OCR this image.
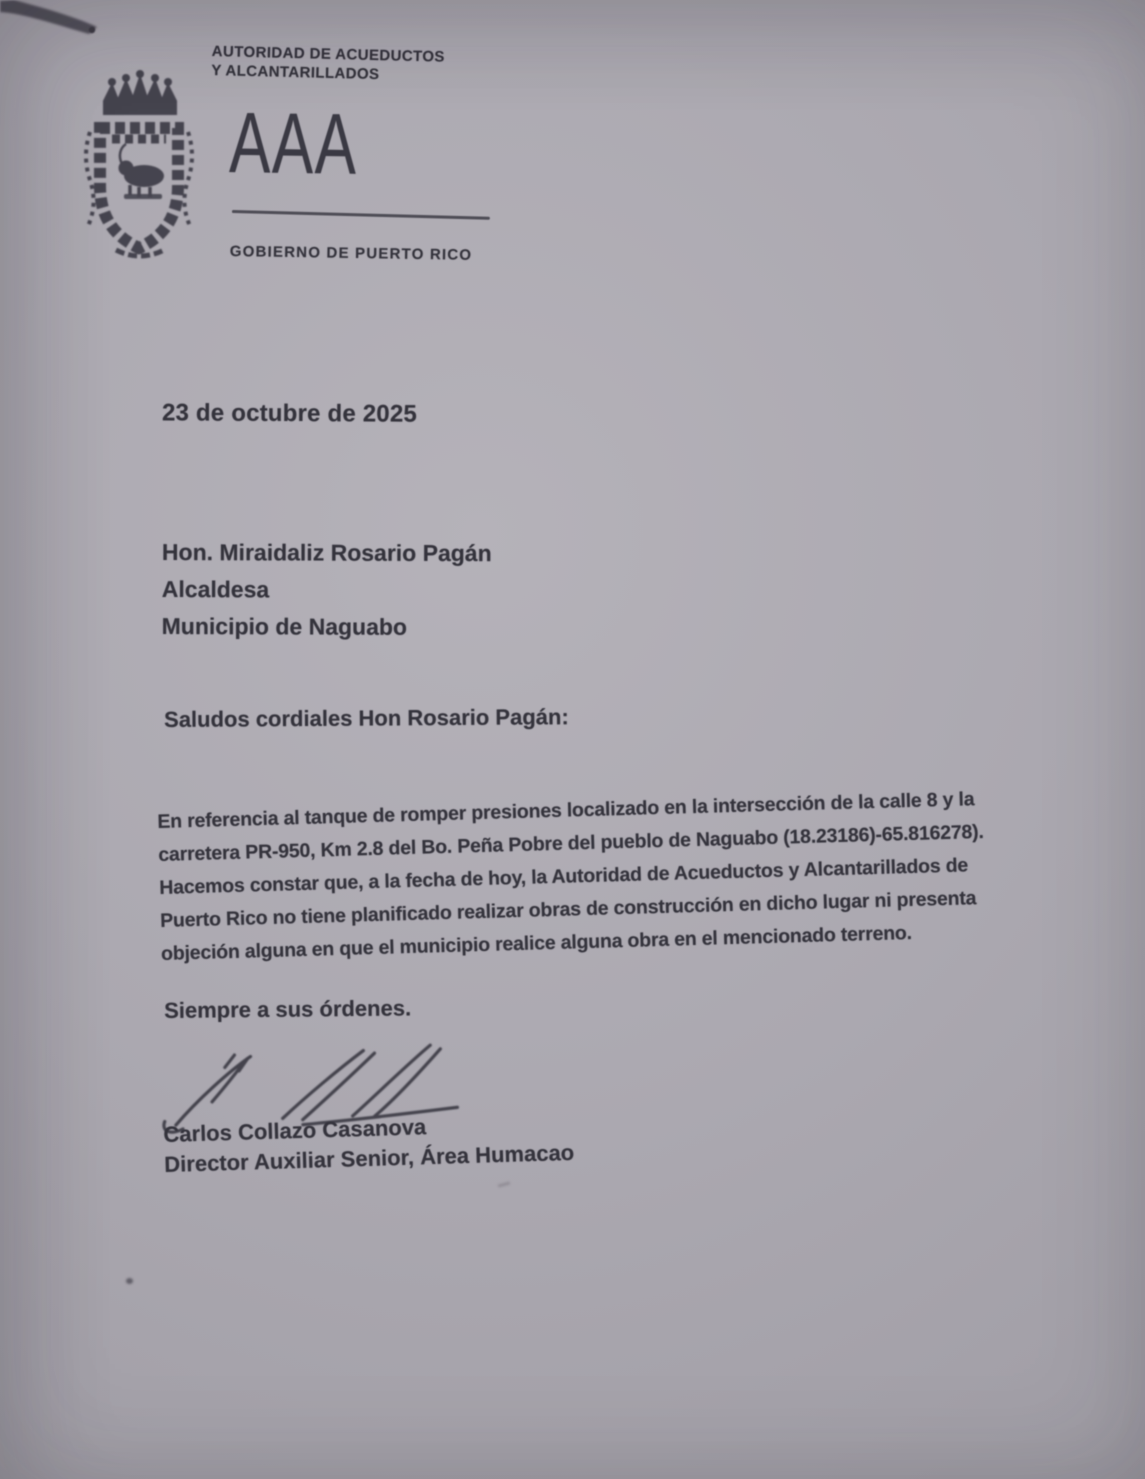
AUTORIDAD DE ACUEDUCTOS
Y ALCANTARILLADOS
AAA
GOBIERNO DE PUERTO RICO
23 de octubre de 2025
Hon. Miraidaliz Rosario Pagán
Alcaldesa
Municipio de Naguabo
Saludos cordiales Hon Rosario Pagán:
En referencia al tanque de romper presiones localizado en la intersección de la calle 8 y la
carretera PR-950, Km 2.8 del Bo. Peña Pobre del pueblo de Naguabo (18.23186)-65.816278).
Hacemos constar que, a la fecha de hoy, la Autoridad de Acueductos y Alcantarillados de
Puerto Rico no tiene planificado realizar obras de construcción en dicho lugar ni presenta
objeción alguna en que el municipio realice alguna obra en el mencionado terreno.
Siempre a sus órdenes.
Carlos Collazo Casanova
Director Auxiliar Senior, Área Humacao
